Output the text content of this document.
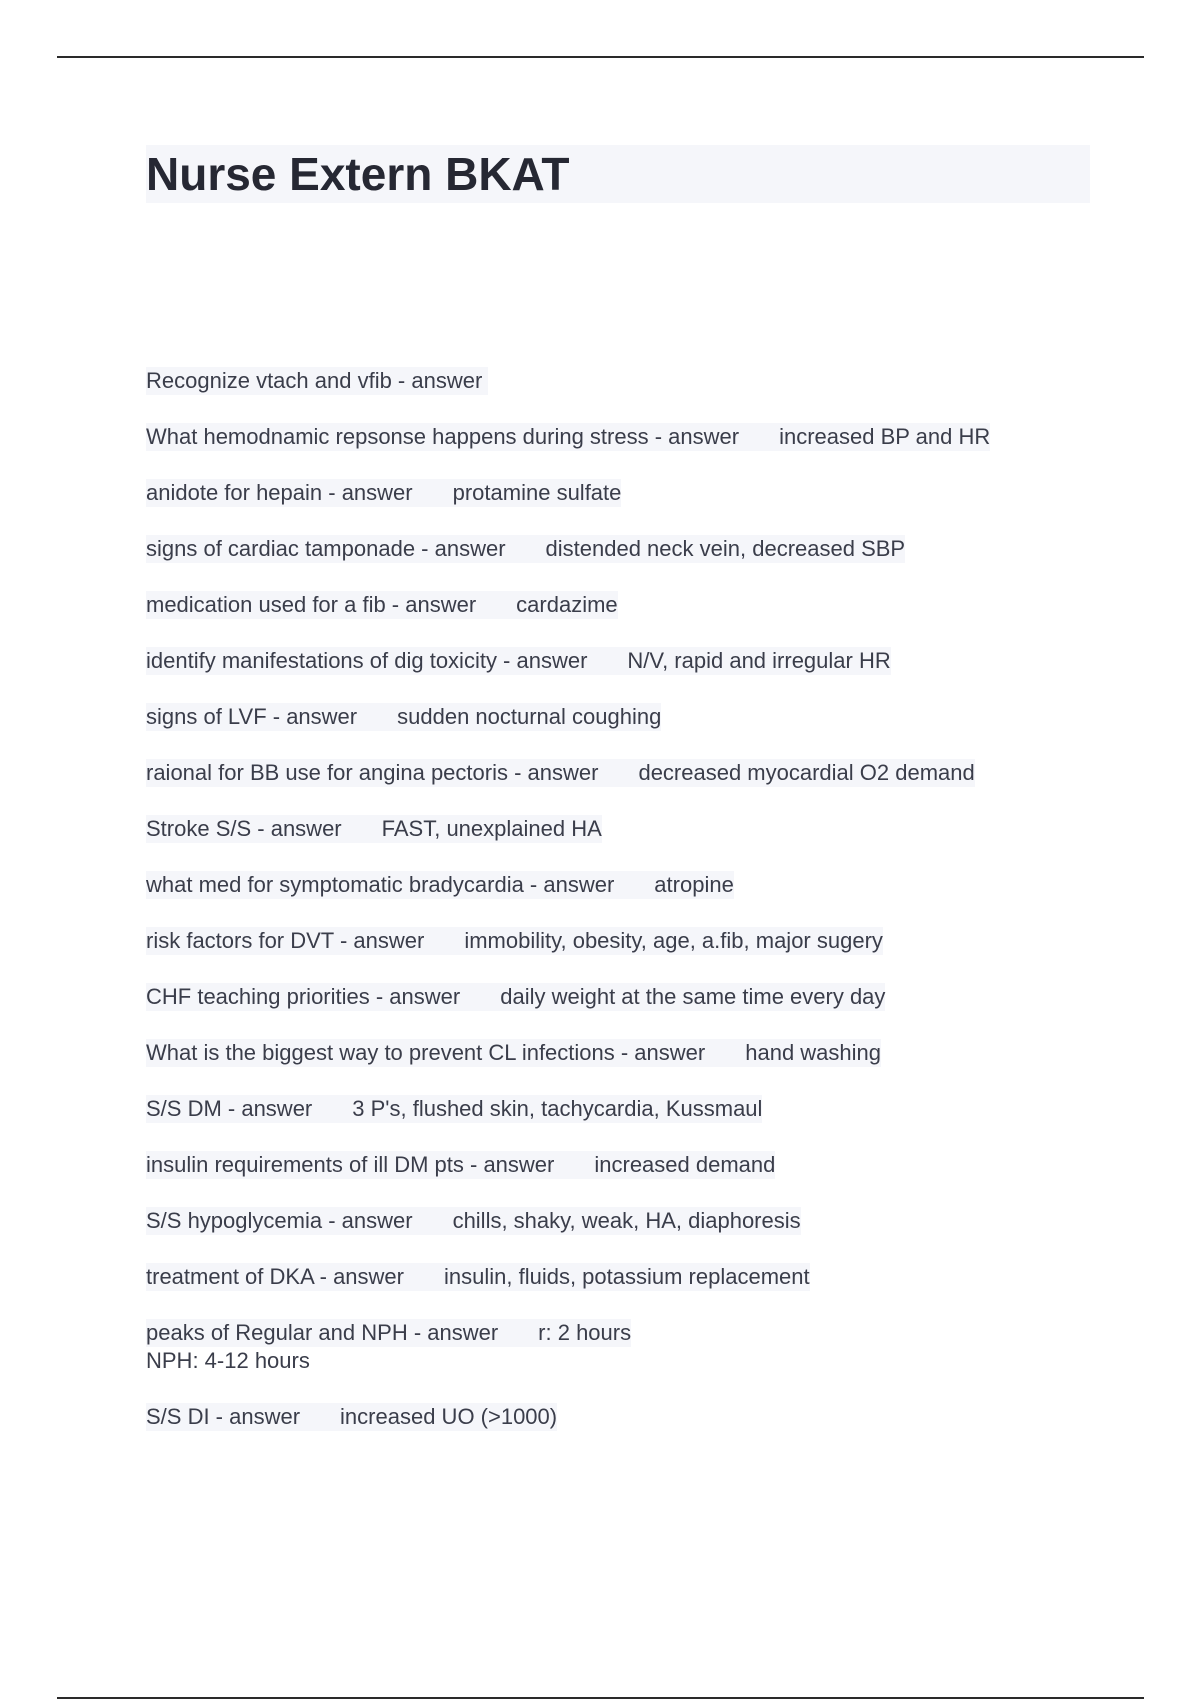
Nurse Extern BKAT
Recognize vtach and vfib - answer
What hemodnamic repsonse happens during stress - answer increased BP and HR
anidote for hepain - answer protamine sulfate
signs of cardiac tamponade - answer distended neck vein, decreased SBP
medication used for a fib - answer cardazime
identify manifestations of dig toxicity - answer N/V, rapid and irregular HR
signs of LVF - answer sudden nocturnal coughing
raional for BB use for angina pectoris - answer decreased myocardial O2 demand
Stroke S/S - answer FAST, unexplained HA
what med for symptomatic bradycardia - answer atropine
risk factors for DVT - answer immobility, obesity, age, a.fib, major sugery
CHF teaching priorities - answer daily weight at the same time every day
What is the biggest way to prevent CL infections - answer hand washing
S/S DM - answer 3 P's, flushed skin, tachycardia, Kussmaul
insulin requirements of ill DM pts - answer increased demand
S/S hypoglycemia - answer chills, shaky, weak, HA, diaphoresis
treatment of DKA - answer insulin, fluids, potassium replacement
peaks of Regular and NPH - answer r: 2 hours
NPH: 4-12 hours
S/S DI - answer increased UO (>1000)
